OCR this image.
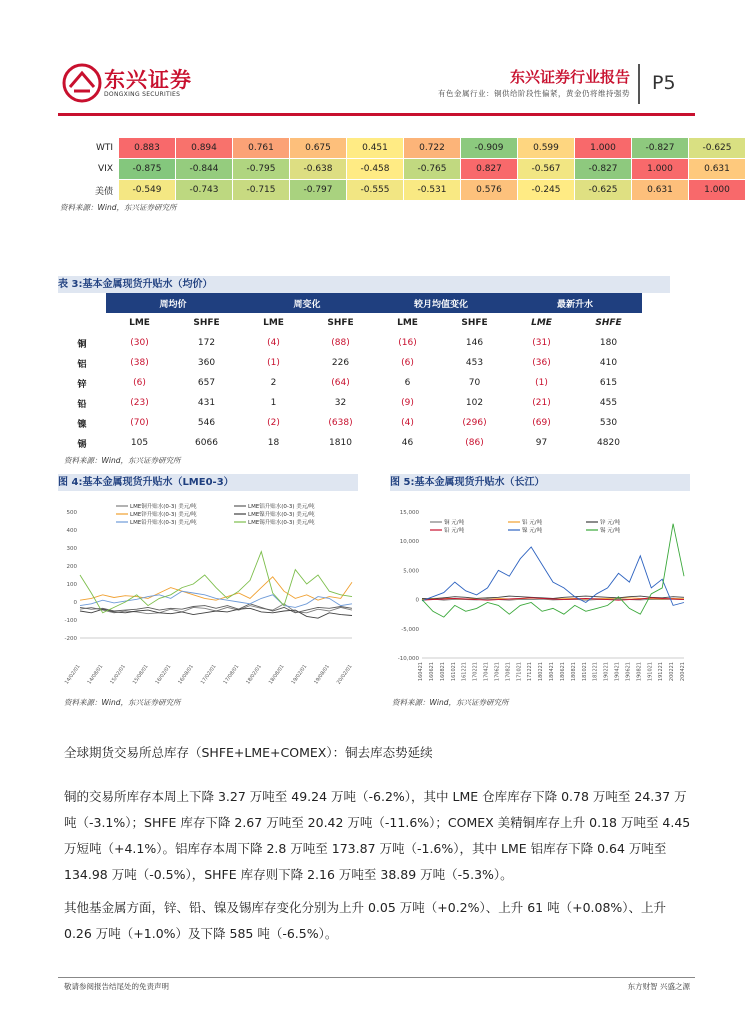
东兴证券
DONGXING SECURITIES
东兴证券行业报告
有色金属行业：铜供给阶段性偏紧，黄金仍将维持强势 P5
WTI	0.883	0.894	0.761	0.675	0.451	0.722	-0.909	0.599	1.000	-0.827	-0.625
VIX	-0.875	-0.844	-0.795	-0.638	-0.458	-0.765	0.827	-0.567	-0.827	1.000	0.631
美债	-0.549	-0.743	-0.715	-0.797	-0.555	-0.531	0.576	-0.245	-0.625	0.631	1.000
资料来源：Wind，东兴证券研究所
表 3:基本金属现货升贴水（均价）
	周均价		周变化		较月均值变化		最新升水	
	LME	SHFE	LME	SHFE	LME	SHFE	LME	SHFE
铜	(30)	172	(4)	(88)	(16)	146	(31)	180
铝	(38)	360	(1)	226	(6)	453	(36)	410
锌	(6)	657	2	(64)	6	70	(1)	615
铅	(23)	431	1	32	(9)	102	(21)	455
镍	(70)	546	(2)	(638)	(4)	(296)	(69)	530
锡	105	6066	18	1810	46	(86)	97	4820
资料来源：Wind，东兴证券研究所
图 4:基本金属现货升贴水（LME0-3）
500
400
300
200
100
0
-100
-200
14/02/01 14/08/01 15/02/01 15/08/01 16/02/01 16/08/01 17/02/01 17/08/01 18/02/01 18/08/01 19/02/01 19/08/01 20/02/01
LME铜升贴水(0-3) 美元/吨	LME铝升贴水(0-3) 美元/吨
LME锌升贴水(0-3) 美元/吨	LME镍升贴水(0-3) 美元/吨
LME铅升贴水(0-3) 美元/吨	LME锡升贴水(0-3) 美元/吨
资料来源：Wind，东兴证券研究所
图 5:基本金属现货升贴水（长江）
15,000
10,000
5,000
0
-5,000
-10,000
160421 160621 160821 161021 161221 170221 170421 170621 170821 171021 171221 180221 180421 180621 180821 181021 181221 190221 190421 190621 190821 191021 191221 200221 200421
铜 元/吨	铝 元/吨	锌 元/吨
铅 元/吨	镍 元/吨	锡 元/吨
资料来源：Wind，东兴证券研究所
全球期货交易所总库存（SHFE+LME+COMEX）：铜去库态势延续
铜的交易所库存本周上下降 3.27 万吨至 49.24 万吨（-6.2%），其中 LME 仓库库存下降 0.78 万吨至 24.37 万吨（-3.1%）；SHFE 库存下降 2.67 万吨至 20.42 万吨（-11.6%）；COMEX 美精铜库存上升 0.18 万吨至 4.45 万短吨（+4.1%）。铝库存本周下降 2.8 万吨至 173.87 万吨（-1.6%），其中 LME 铝库存下降 0.64 万吨至 134.98 万吨（-0.5%），SHFE 库存则下降 2.16 万吨至 38.89 万吨（-5.3%）。
其他基金属方面，锌、铅、镍及锡库存变化分别为上升 0.05 万吨（+0.2%）、上升 61 吨（+0.08%）、上升 0.26 万吨（+1.0%）及下降 585 吨（-6.5%）。
敬请参阅报告结尾处的免责声明	东方财智 兴盛之源
